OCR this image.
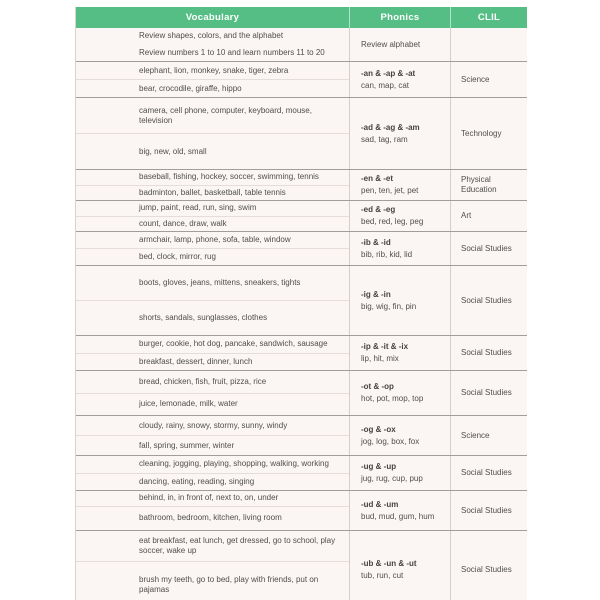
Vocabulary	Phonics	CLIL
Review shapes, colors, and the alphabet
Review numbers 1 to 10 and learn numbers 11 to 20
Review alphabet
elephant, lion, monkey, snake, tiger, zebra
bear, crocodile, giraffe, hippo
-an & -ap & -at
can, map, cat
Science
camera, cell phone, computer, keyboard, mouse, television
big, new, old, small
-ad & -ag & -am
sad, tag, ram
Technology
baseball, fishing, hockey, soccer, swimming, tennis
badminton, ballet, basketball, table tennis
-en & -et
pen, ten, jet, pet
Physical Education
jump, paint, read, run, sing, swim
count, dance, draw, walk
-ed & -eg
bed, red, leg, peg
Art
armchair, lamp, phone, sofa, table, window
bed, clock, mirror, rug
-ib & -id
bib, rib, kid, lid
Social Studies
boots, gloves, jeans, mittens, sneakers, tights
shorts, sandals, sunglasses, clothes
-ig & -in
big, wig, fin, pin
Social Studies
burger, cookie, hot dog, pancake, sandwich, sausage
breakfast, dessert, dinner, lunch
-ip & -it & -ix
lip, hit, mix
Social Studies
bread, chicken, fish, fruit, pizza, rice
juice, lemonade, milk, water
-ot & -op
hot, pot, mop, top
Social Studies
cloudy, rainy, snowy, stormy, sunny, windy
fall, spring, summer, winter
-og & -ox
jog, log, box, fox
Science
cleaning, jogging, playing, shopping, walking, working
dancing, eating, reading, singing
-ug & -up
jug, rug, cup, pup
Social Studies
behind, in, in front of, next to, on, under
bathroom, bedroom, kitchen, living room
-ud & -um
bud, mud, gum, hum
Social Studies
eat breakfast, eat lunch, get dressed, go to school, play soccer, wake up
brush my teeth, go to bed, play with friends, put on pajamas
-ub & -un & -ut
tub, run, cut
Social Studies
